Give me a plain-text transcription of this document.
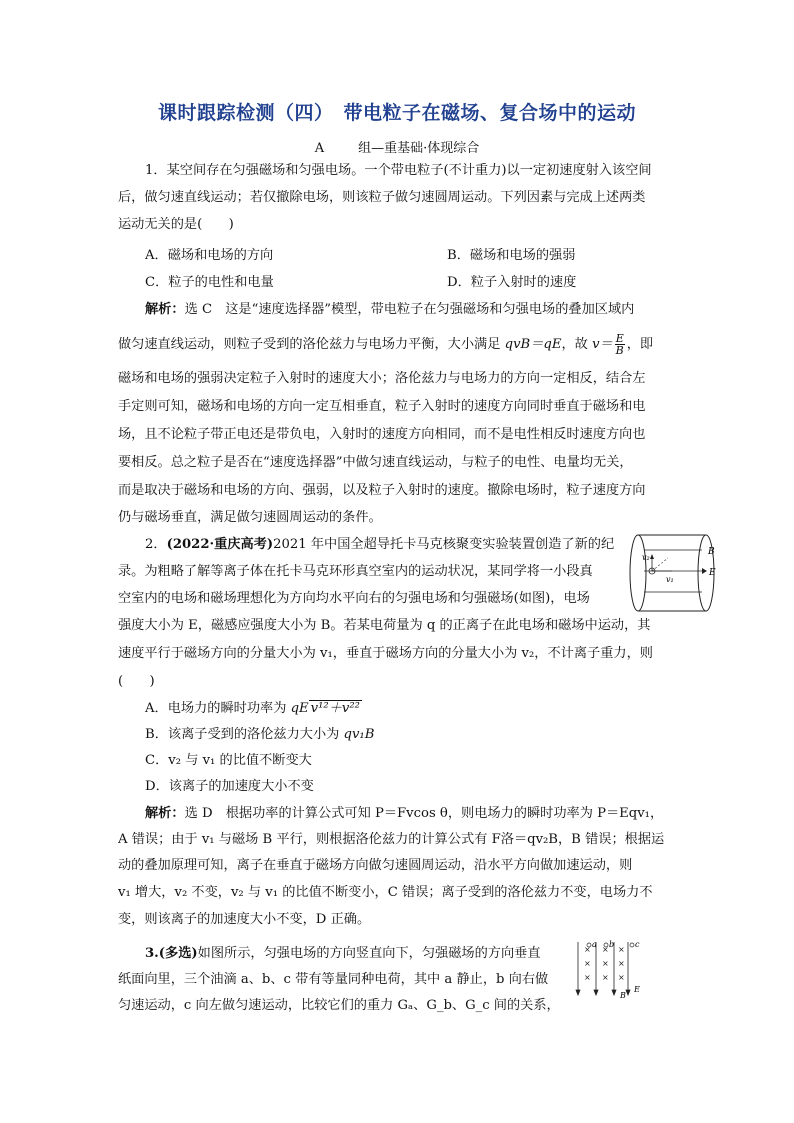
课时跟踪检测（四）　带电粒子在磁场、复合场中的运动
A	组—重基础·体现综合
1．某空间存在匀强磁场和匀强电场。一个带电粒子(不计重力)以一定初速度射入该空间
后，做匀速直线运动；若仅撤除电场，则该粒子做匀速圆周运动。下列因素与完成上述两类
运动无关的是(　　)
A．磁场和电场的方向	B．磁场和电场的强弱
C．粒子的电性和电量	D．粒子入射时的速度
解析：选 C　这是“速度选择器”模型，带电粒子在匀强磁场和匀强电场的叠加区域内
做匀速直线运动，则粒子受到的洛伦兹力与电场力平衡，大小满足 qvB＝qE，故 $v= \frac{E}{B}$ ，即
磁场和电场的强弱决定粒子入射时的速度大小；洛伦兹力与电场力的方向一定相反，结合左
手定则可知，磁场和电场的方向一定互相垂直，粒子入射时的速度方向同时垂直于磁场和电
场，且不论粒子带正电还是带负电，入射时的速度方向相同，而不是电性相反时速度方向也
要相反。总之粒子是否在“速度选择器”中做匀速直线运动，与粒子的电性、电量均无关，
而是取决于磁场和电场的方向、强弱，以及粒子入射时的速度。撤除电场时，粒子速度方向
仍与磁场垂直，满足做匀速圆周运动的条件。
2．(2022·重庆高考)2021 年中国全超导托卡马克核聚变实验装置创造了新的纪
录。为粗略了解等离子体在托卡马克环形真空室内的运动状况，某同学将一小段真
空室内的电场和磁场理想化为方向均水平向右的匀强电场和匀强磁场(如图)，电场
强度大小为 E，磁感应强度大小为 B。若某电荷量为 q 的正离子在此电场和磁场中运动，其
速度平行于磁场方向的分量大小为 v₁，垂直于磁场方向的分量大小为 v₂，不计离子重力，则
(　　)
v₂
v₁
B
E
A．电场力的瞬时功率为 qE v¹²＋v²²
B．该离子受到的洛伦兹力大小为 qv₁B
C．v₂ 与 v₁ 的比值不断变大
D．该离子的加速度大小不变
解析：选 D　根据功率的计算公式可知 P＝Fvcos θ，则电场力的瞬时功率为 P＝Eqv₁，
A 错误；由于 v₁ 与磁场 B 平行，则根据洛伦兹力的计算公式有 F洛＝qv₂B，B 错误；根据运
动的叠加原理可知，离子在垂直于磁场方向做匀速圆周运动，沿水平方向做加速运动，则
v₁ 增大，v₂ 不变，v₂ 与 v₁ 的比值不断变小，C 错误；离子受到的洛伦兹力不变，电场力不
变，则该离子的加速度大小不变，D 正确。
3.(多选)如图所示，匀强电场的方向竖直向下，匀强磁场的方向垂直
纸面向里，三个油滴 a、b、c 带有等量同种电荷，其中 a 静止，b 向右做
匀速运动，c 向左做匀速运动，比较它们的重力 Gₐ、G_b、G_c 间的关系，
× × ×
× × ×
× × ×
a b	c
B
E
